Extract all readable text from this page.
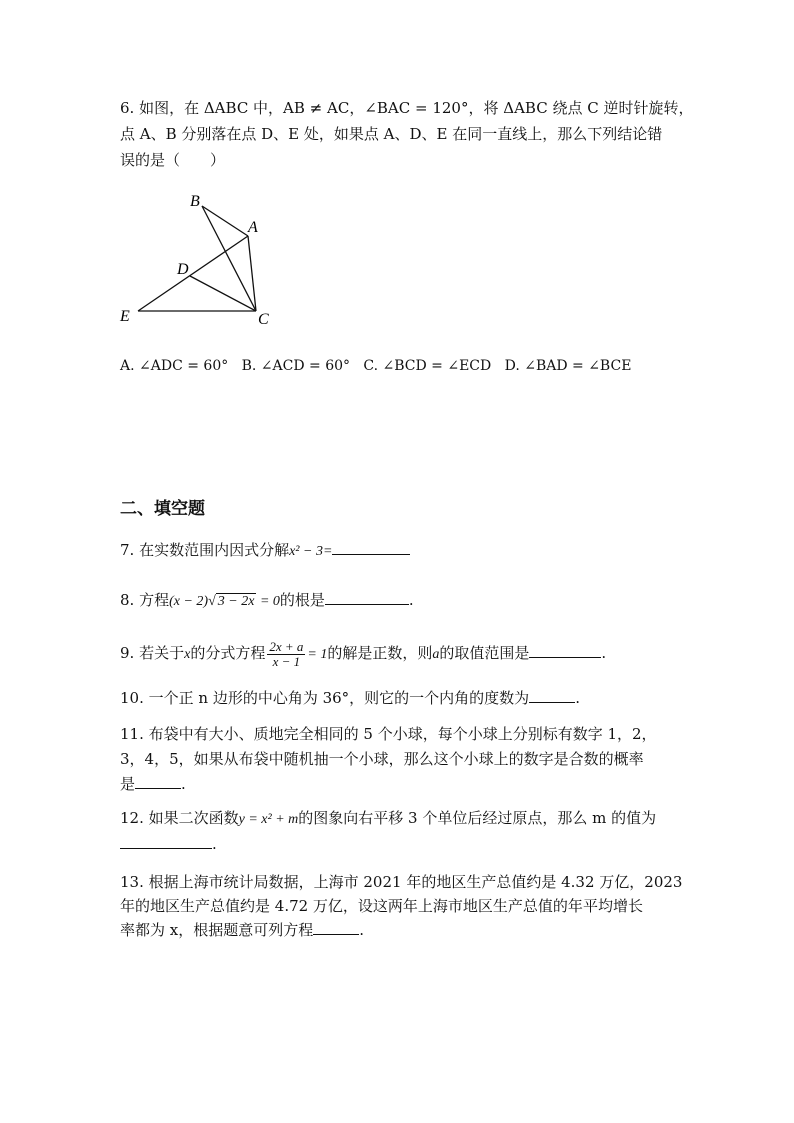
6. 如图，在 ΔABC 中，AB ≠ AC，∠BAC = 120°，将 ΔABC 绕点 C 逆时针旋转，
点 A、B 分别落在点 D、E 处，如果点 A、D、E 在同一直线上，那么下列结论错
误的是（　　）
B
A
D
E	C
A. ∠ADC = 60° B. ∠ACD = 60° C. ∠BCD = ∠ECD D. ∠BAD = ∠BCE
二、填空题
7. 在实数范围内因式分解x² − 3=
8. 方程(x − 2)√ 3 − 2x = 0的根是	.
9. 若关于x的分式方程 $\frac{2x + a}{x - 1} = 1$的解是正数，则a的取值范围是	.
10. 一个正 n 边形的中心角为 36°，则它的一个内角的度数为	.
11. 布袋中有大小、质地完全相同的 5 个小球，每个小球上分别标有数字 1，2，
3，4，5，如果从布袋中随机抽一个小球，那么这个小球上的数字是合数的概率
是	.
12. 如果二次函数y = x² + m的图象向右平移 3 个单位后经过原点，那么 m 的值为
.
13. 根据上海市统计局数据，上海市 2021 年的地区生产总值约是 4.32 万亿，2023
年的地区生产总值约是 4.72 万亿，设这两年上海市地区生产总值的年平均增长
率都为 x，根据题意可列方程	.
